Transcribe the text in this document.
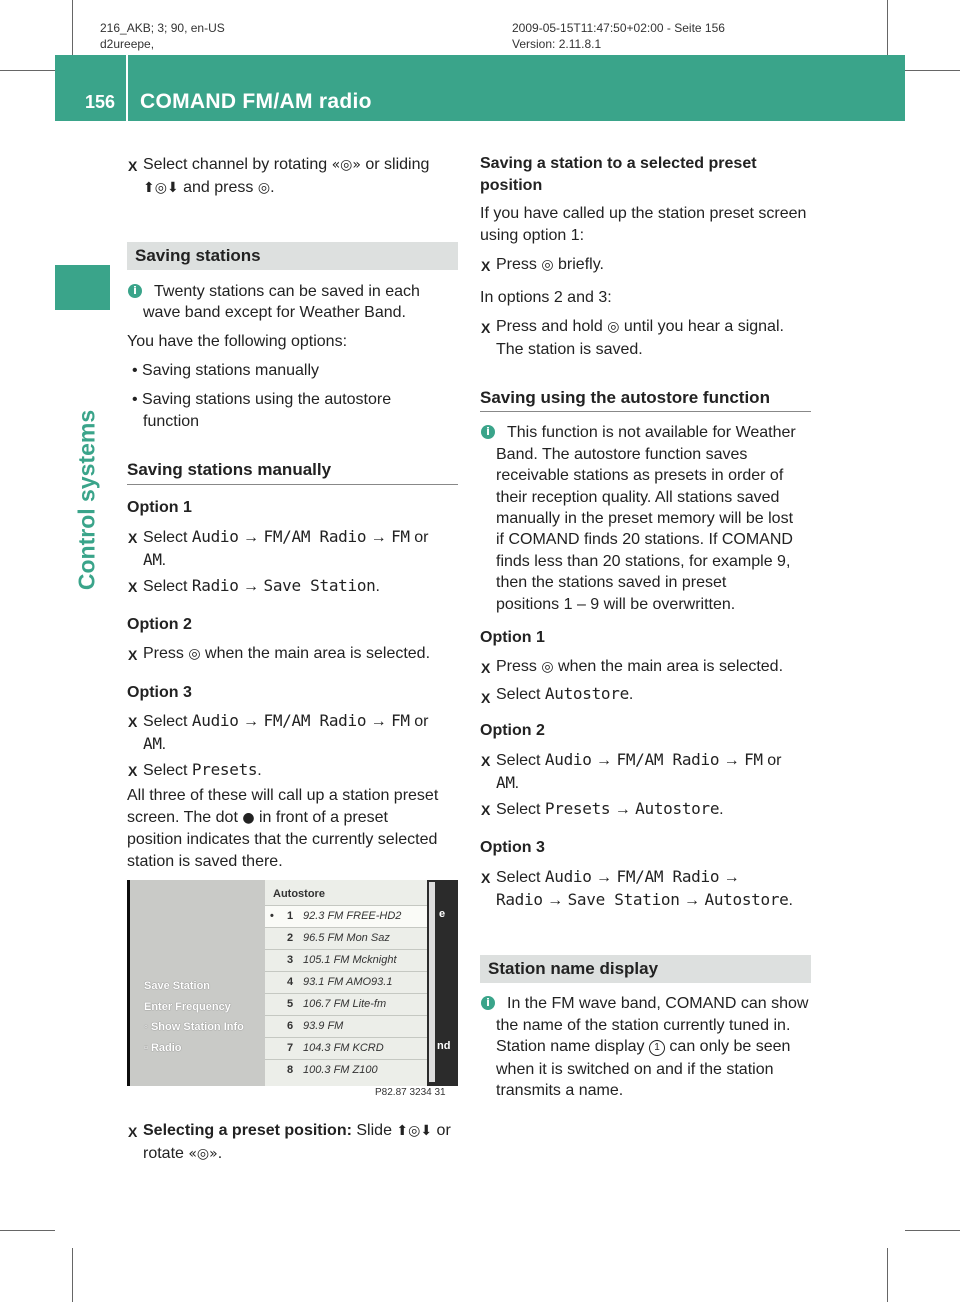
216_AKB; 3; 90, en-US
d2ureepe,
2009-05-15T11:47:50+02:00 - Seite 156
Version: 2.11.8.1
156 COMAND FM/AM radio
Control systems
X Select channel by rotating «◎» or sliding
⬆◎⬇ and press ◎.
Saving stations
i	Twenty stations can be saved in each
wave band except for Weather Band.
You have the following options:
• Saving stations manually
• Saving stations using the autostore
function
Saving stations manually
Option 1
X Select Audio → FM/AM Radio → FM or
AM.
X Select Radio → Save Station.
Option 2
X Press ◎ when the main area is selected.
Option 3
X Select Audio → FM/AM Radio → FM or
AM.
X Select Presets.
All three of these will call up a station preset
screen. The dot ● in front of a preset
position indicates that the currently selected
station is saved there.
Save Station
Enter Frequency
◦ Show Station Info
▫ Radio
Autostore
• 1 92.3 FM FREE-HD2
2 96.5 FM Mon Saz
3 105.1 FM Mcknight
4 93.1 FM AMO93.1
5 106.7 FM Lite-fm
6 93.9 FM
7 104.3 FM KCRD
8 100.3 FM Z100
e
nd
P82.87 3234 31
X Selecting a preset position: Slide ⬆◎⬇ or
rotate «◎».
Saving a station to a selected preset
position
If you have called up the station preset screen
using option 1:
X Press ◎ briefly.
In options 2 and 3:
X Press and hold ◎ until you hear a signal.
The station is saved.
Saving using the autostore function
i	This function is not available for Weather
Band. The autostore function saves
receivable stations as presets in order of
their reception quality. All stations saved
manually in the preset memory will be lost
if COMAND finds 20 stations. If COMAND
finds less than 20 stations, for example 9,
then the stations saved in preset
positions 1 – 9 will be overwritten.
Option 1
X Press ◎ when the main area is selected.
X Select Autostore.
Option 2
X Select Audio → FM/AM Radio → FM or
AM.
X Select Presets → Autostore.
Option 3
X Select Audio → FM/AM Radio →
Radio → Save Station → Autostore.
Station name display
i	In the FM wave band, COMAND can show
the name of the station currently tuned in.
Station name display 1 can only be seen
when it is switched on and if the station
transmits a name.
